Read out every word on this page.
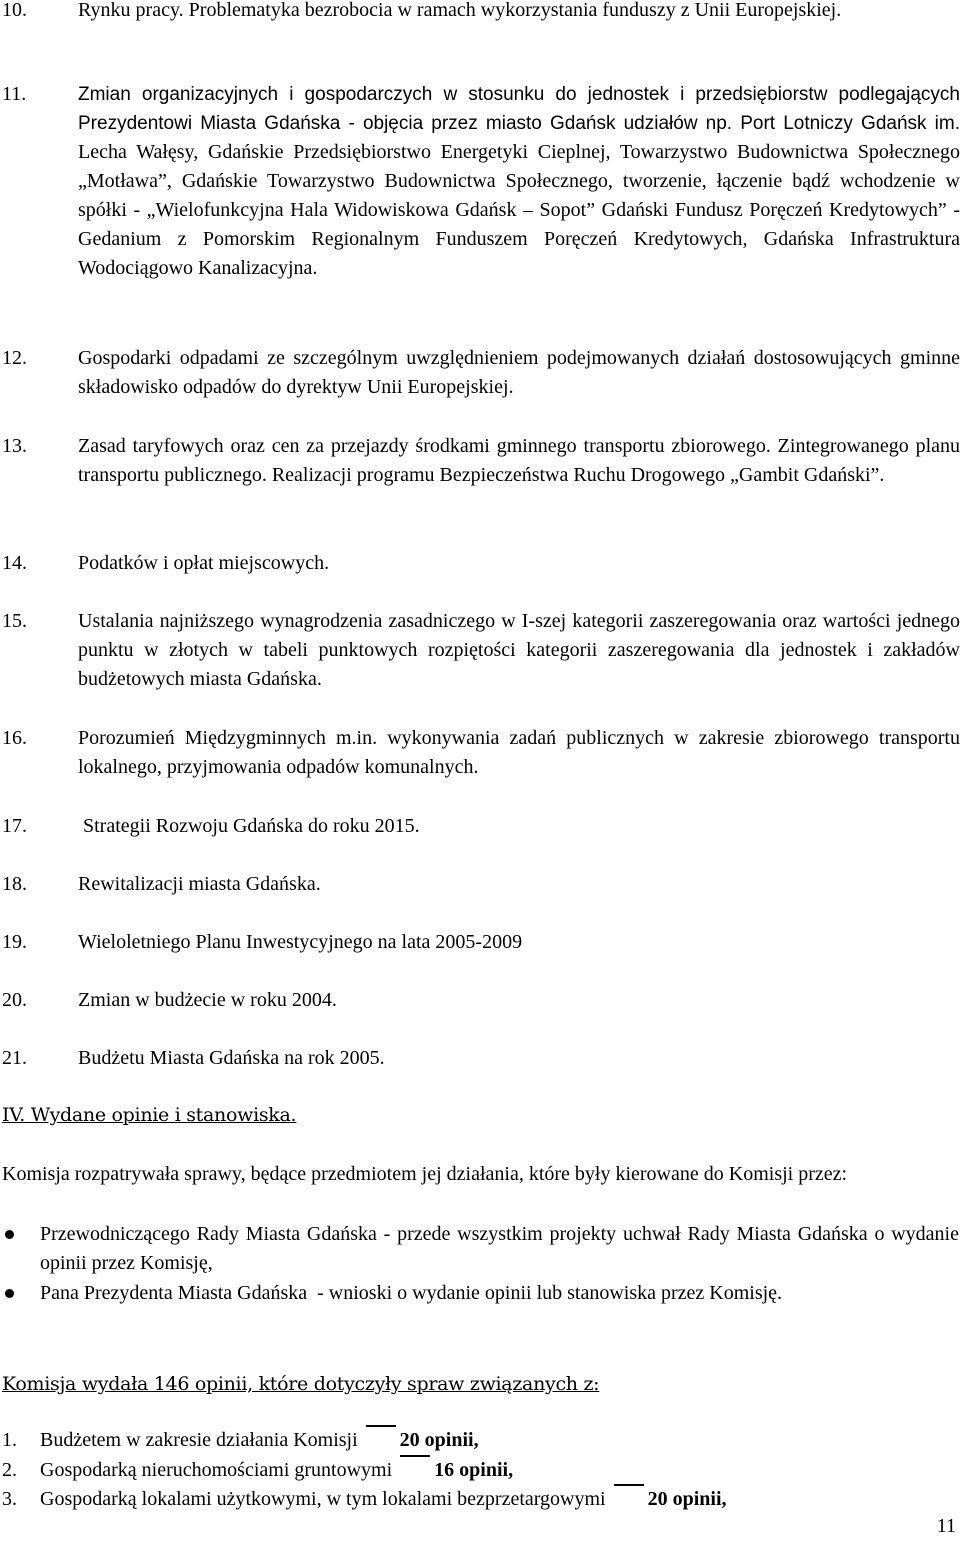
10.	Rynku pracy. Problematyka bezrobocia w ramach wykorzystania funduszy z Unii Europejskiej.
11.	Zmian organizacyjnych i gospodarczych w stosunku do jednostek i przedsiębiorstw podlegających Prezydentowi Miasta Gdańska - objęcia przez miasto Gdańsk udziałów np. Port Lotniczy Gdańsk im. Lecha Wałęsy, Gdańskie Przedsiębiorstwo Energetyki Cieplnej, Towarzystwo Budownictwa Społecznego „Motława”, Gdańskie Towarzystwo Budownictwa Społecznego, tworzenie, łączenie bądź wchodzenie w spółki - „Wielofunkcyjna Hala Widowiskowa Gdańsk – Sopot” Gdański Fundusz Poręczeń Kredytowych” - Gedanium z Pomorskim Regionalnym Funduszem Poręczeń Kredytowych, Gdańska Infrastruktura Wodociągowo Kanalizacyjna.
12.	Gospodarki odpadami ze szczególnym uwzględnieniem podejmowanych działań dostosowujących gminne składowisko odpadów do dyrektyw Unii Europejskiej.
13.	Zasad taryfowych oraz cen za przejazdy środkami gminnego transportu zbiorowego. Zintegrowanego planu transportu publicznego. Realizacji programu Bezpieczeństwa Ruchu Drogowego „Gambit Gdański”.
14.	Podatków i opłat miejscowych.
15.	Ustalania najniższego wynagrodzenia zasadniczego w I-szej kategorii zaszeregowania oraz wartości jednego punktu w złotych w tabeli punktowych rozpiętości kategorii zaszeregowania dla jednostek i zakładów budżetowych miasta Gdańska.
16.	Porozumień Międzygminnych m.in. wykonywania zadań publicznych w zakresie zbiorowego transportu lokalnego, przyjmowania odpadów komunalnych.
17.	Strategii Rozwoju Gdańska do roku 2015.
18.	Rewitalizacji miasta Gdańska.
19.	Wieloletniego Planu Inwestycyjnego na lata 2005-2009
20.	Zmian w budżecie w roku 2004.
21.	Budżetu Miasta Gdańska na rok 2005.
IV. Wydane opinie i stanowiska.
Komisja rozpatrywała sprawy, będące przedmiotem jej działania, które były kierowane do Komisji przez:
Przewodniczącego Rady Miasta Gdańska - przede wszystkim projekty uchwał Rady Miasta Gdańska o wydanie opinii przez Komisję,
Pana Prezydenta Miasta Gdańska  - wnioski o wydanie opinii lub stanowiska przez Komisję.
Komisja wydała 146 opinii, które dotyczyły spraw związanych z:
1.	Budżetem w zakresie działania Komisji 20 opinii,
2.	Gospodarką nieruchomościami gruntowymi 16 opinii,
3.	Gospodarką lokalami użytkowymi, w tym lokalami bezprzetargowymi 20 opinii,
11
